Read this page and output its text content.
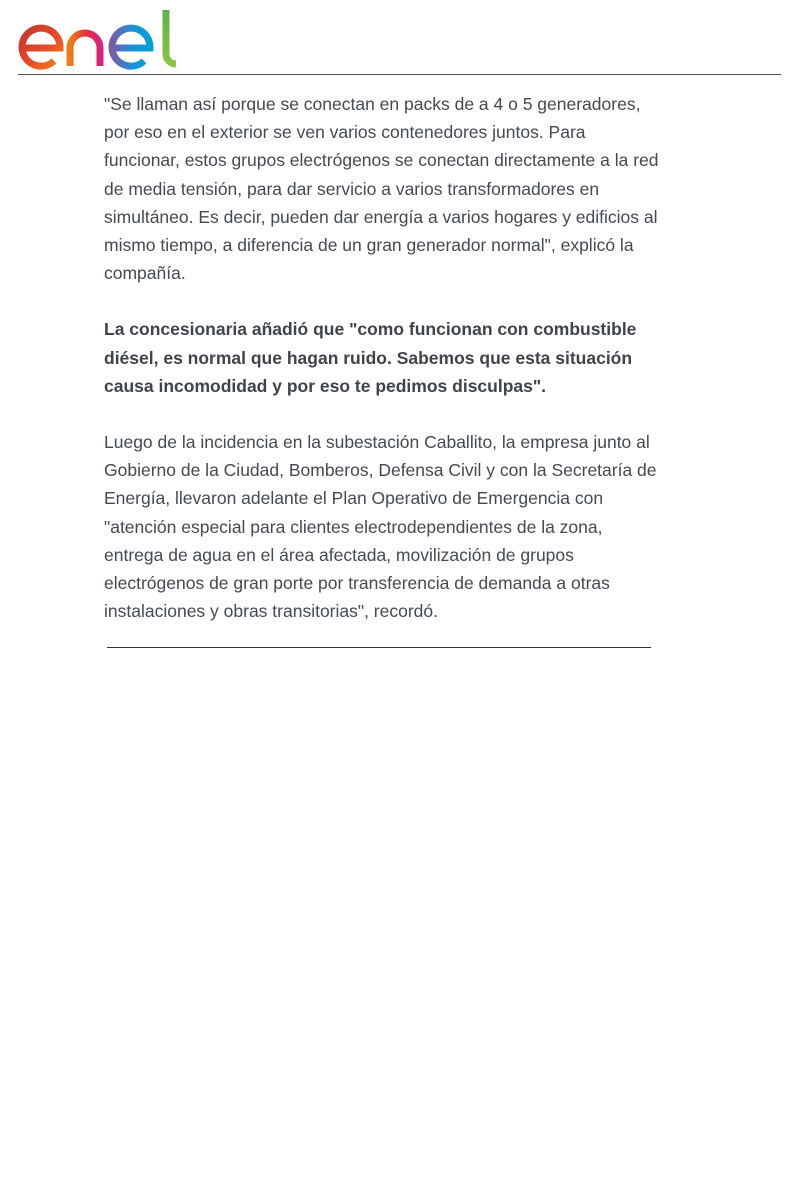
"Se llaman así porque se conectan en packs de a 4 o 5 generadores, por eso en el exterior se ven varios contenedores juntos. Para funcionar, estos grupos electrógenos se conectan directamente a la red de media tensión, para dar servicio a varios transformadores en simultáneo. Es decir, pueden dar energía a varios hogares y edificios al mismo tiempo, a diferencia de un gran generador normal", explicó la compañía.

La concesionaria añadió que "como funcionan con combustible diésel, es normal que hagan ruido. Sabemos que esta situación causa incomodidad y por eso te pedimos disculpas".

Luego de la incidencia en la subestación Caballito, la empresa junto al Gobierno de la Ciudad, Bomberos, Defensa Civil y con la Secretaría de Energía, llevaron adelante el Plan Operativo de Emergencia con "atención especial para clientes electrodependientes de la zona, entrega de agua en el área afectada, movilización de grupos electrógenos de gran porte por transferencia de demanda a otras instalaciones y obras transitorias", recordó.
